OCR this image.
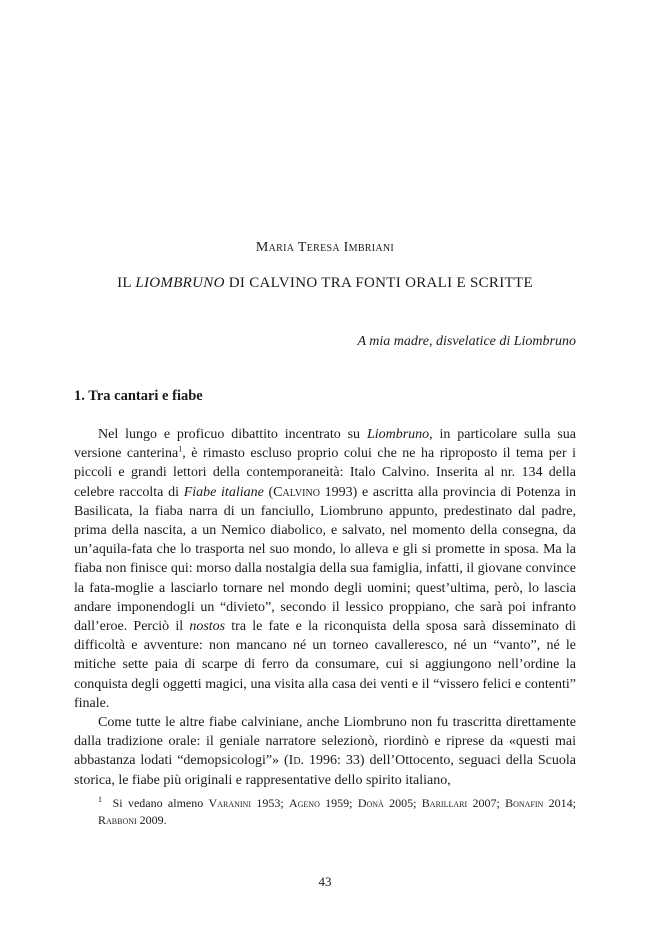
Maria Teresa Imbriani
IL LIOMBRUNO DI CALVINO TRA FONTI ORALI E SCRITTE
A mia madre, disvelatice di Liombruno
1. Tra cantari e fiabe

Nel lungo e proficuo dibattito incentrato su Liombruno, in particolare sulla sua versione canterina$^1$, è rimasto escluso proprio colui che ne ha riproposto il tema per i piccoli e grandi lettori della contemporaneità: Italo Calvino. Inserita al nr. 134 della celebre raccolta di Fiabe italiane (Calvino 1993) e ascritta alla provincia di Potenza in Basilicata, la fiaba narra di un fanciullo, Liombruno appunto, predestinato dal padre, prima della nascita, a un Nemico diabolico, e salvato, nel momento della consegna, da un’aquila-fata che lo trasporta nel suo mondo, lo alleva e gli si promette in sposa. Ma la fiaba non finisce qui: morso dalla nostalgia della sua famiglia, infatti, il giovane convince la fata-moglie a lasciarlo tornare nel mondo degli uomini; quest’ultima, però, lo lascia andare imponendogli un “divieto”, secondo il lessico proppiano, che sarà poi infranto dall’eroe. Perciò il nostos tra le fate e la riconquista della sposa sarà disseminato di difficoltà e avventure: non mancano né un torneo cavalleresco, né un “vanto”, né le mitiche sette paia di scarpe di ferro da consumare, cui si aggiungono nell’ordine la conquista degli oggetti magici, una visita alla casa dei venti e il “vissero felici e contenti” finale.

Come tutte le altre fiabe calviniane, anche Liombruno non fu trascritta direttamente dalla tradizione orale: il geniale narratore selezionò, riordinò e riprese da «questi mai abbastanza lodati “demopsicologi”» (Id. 1996: 33) dell’Ottocento, seguaci della Scuola storica, le fiabe più originali e rappresentative dello spirito italiano,

$^1$ Si vedano almeno Varanini 1953; Ageno 1959; Donà 2005; Barillari 2007; Bonafin 2014; Rabboni 2009.
43
